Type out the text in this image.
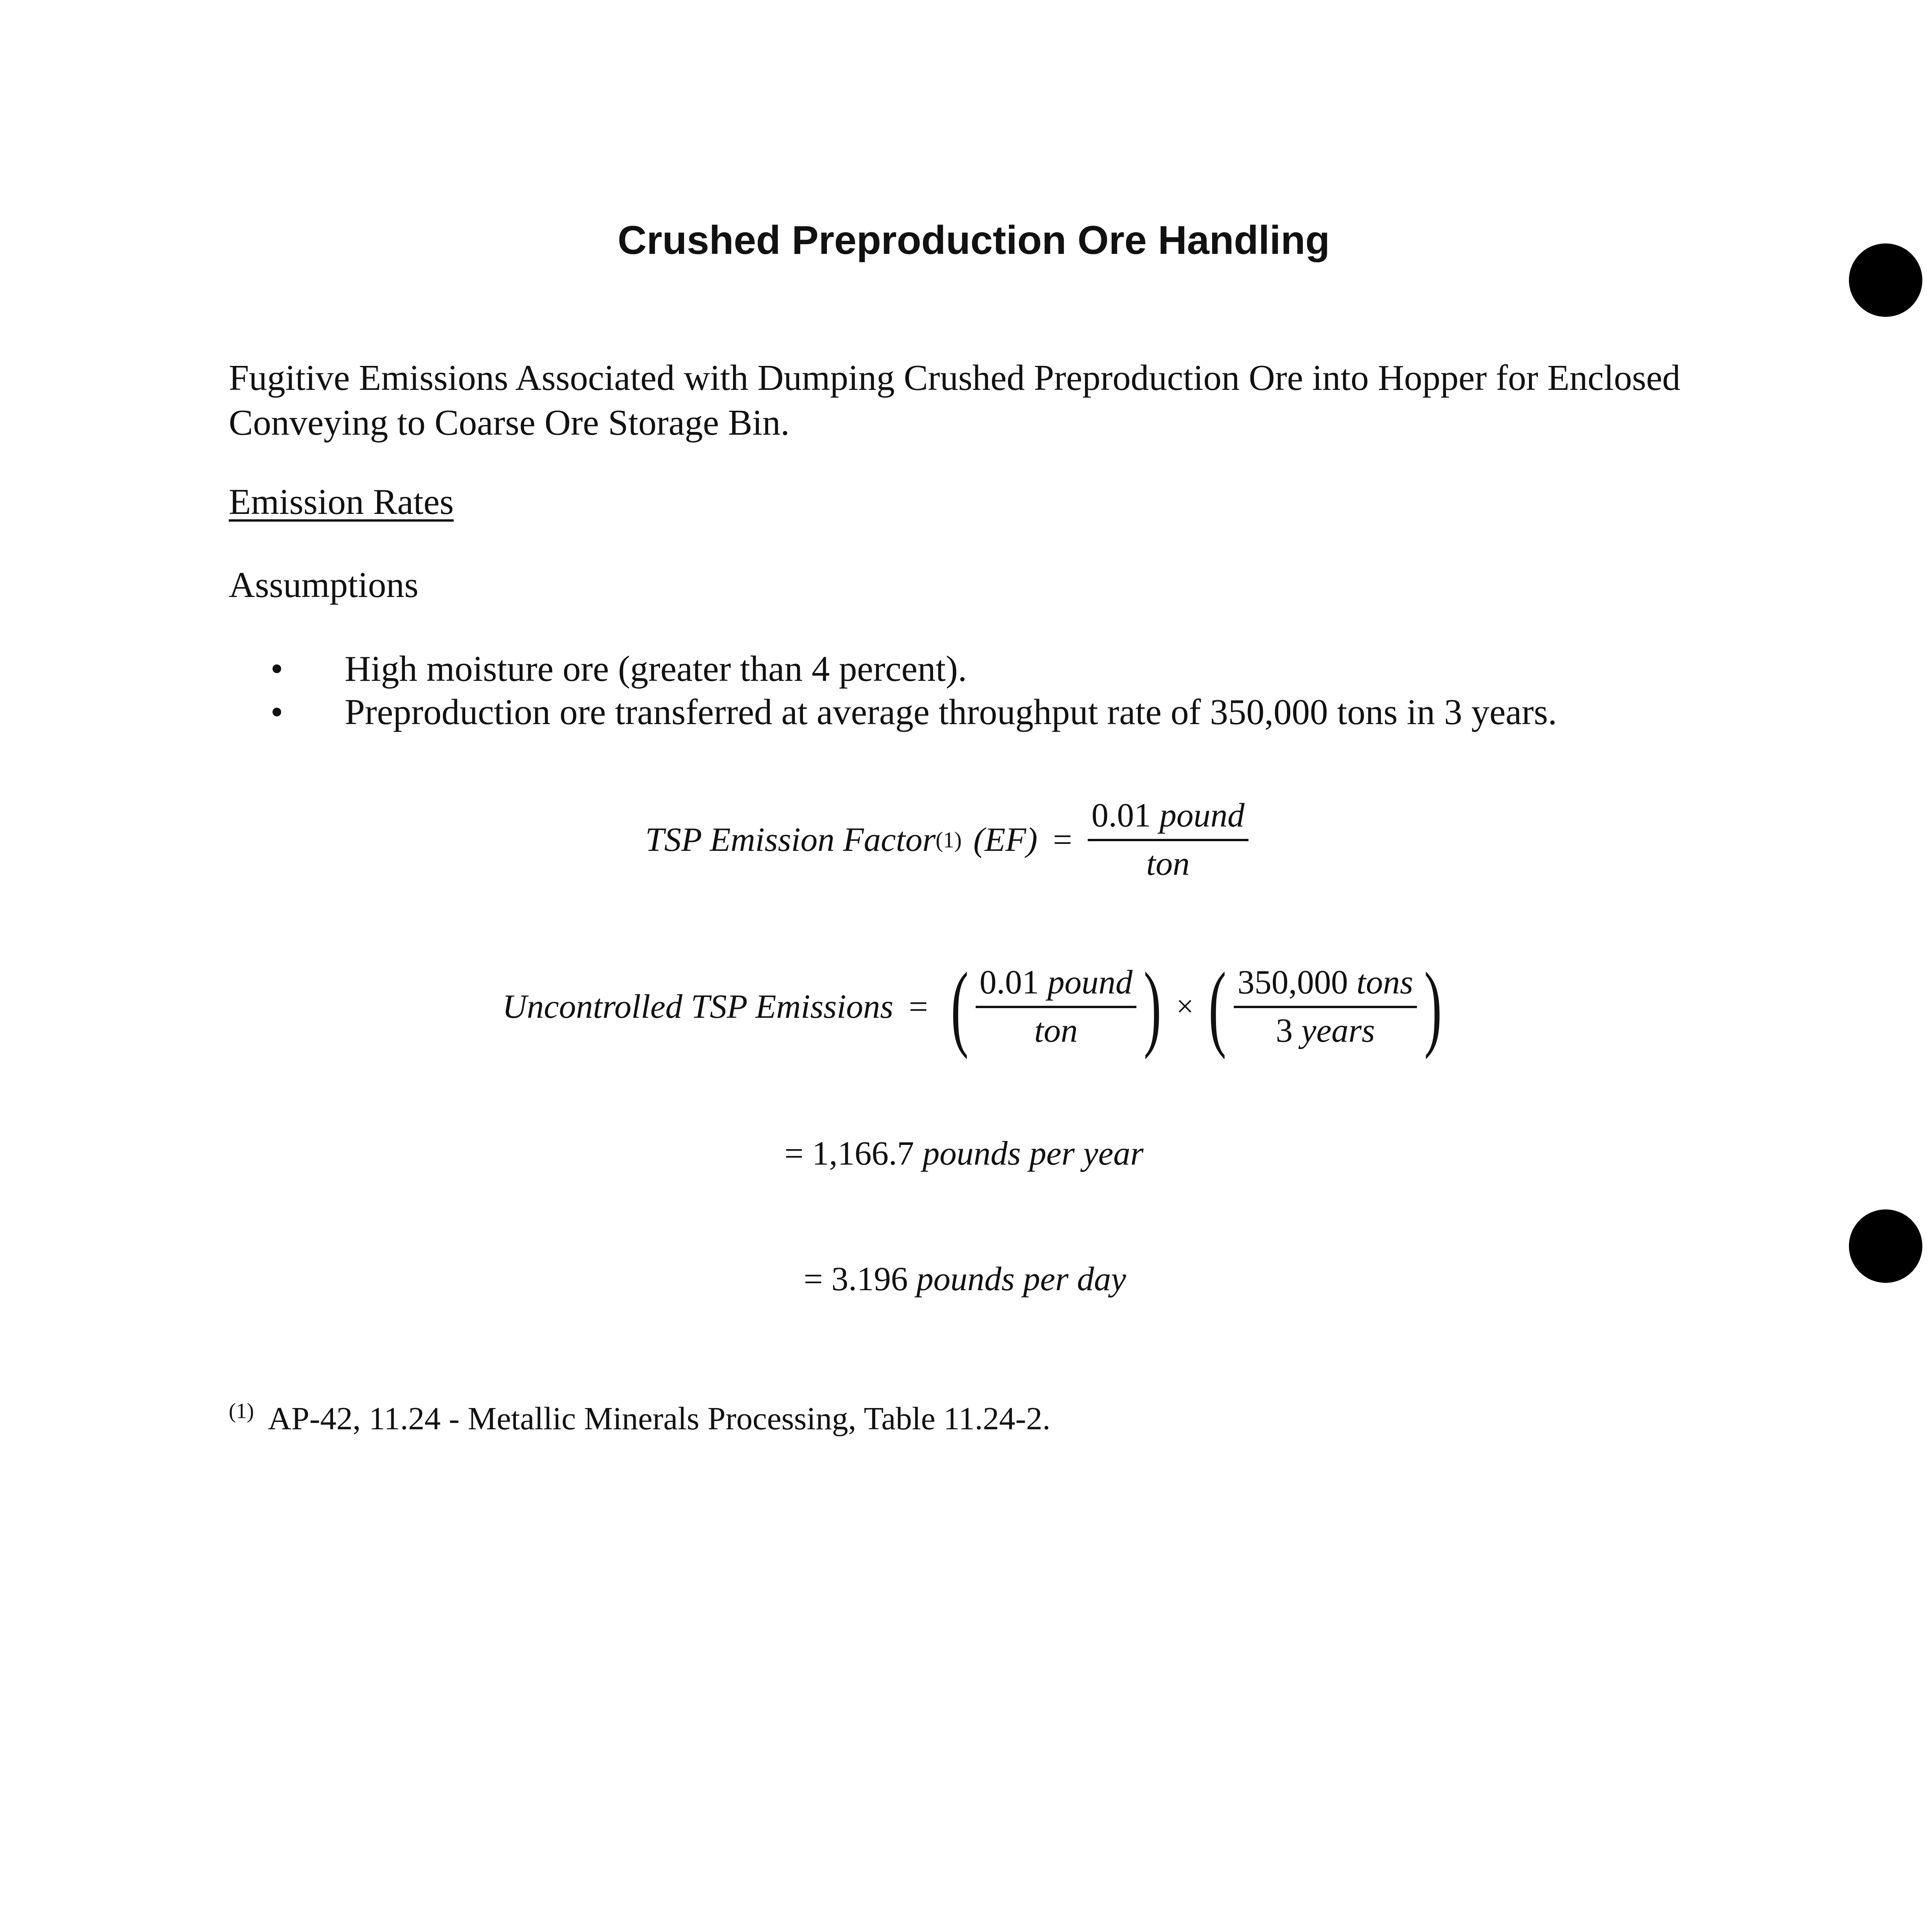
Crushed Preproduction Ore Handling
Fugitive Emissions Associated with Dumping Crushed Preproduction Ore into Hopper for Enclosed Conveying to Coarse Ore Storage Bin.
Emission Rates
Assumptions
•	High moisture ore (greater than 4 percent).
•	Preproduction ore transferred at average throughput rate of 350,000 tons in 3 years.
TSP Emission Factor (1) $(EF) = \frac{\text{0.01 pound}}{\text{ton}}$
Uncontrolled TSP Emissions = ( $\frac{\text{0.01 pound}}{\text{ton}}$ ) × ( $\frac{\text{350,000 tons}}{\text{3 years}}$ )
= 1,166.7 pounds per year
= 3.196 pounds per day
$^{(1)}$ AP-42, 11.24 - Metallic Minerals Processing, Table 11.24-2.
